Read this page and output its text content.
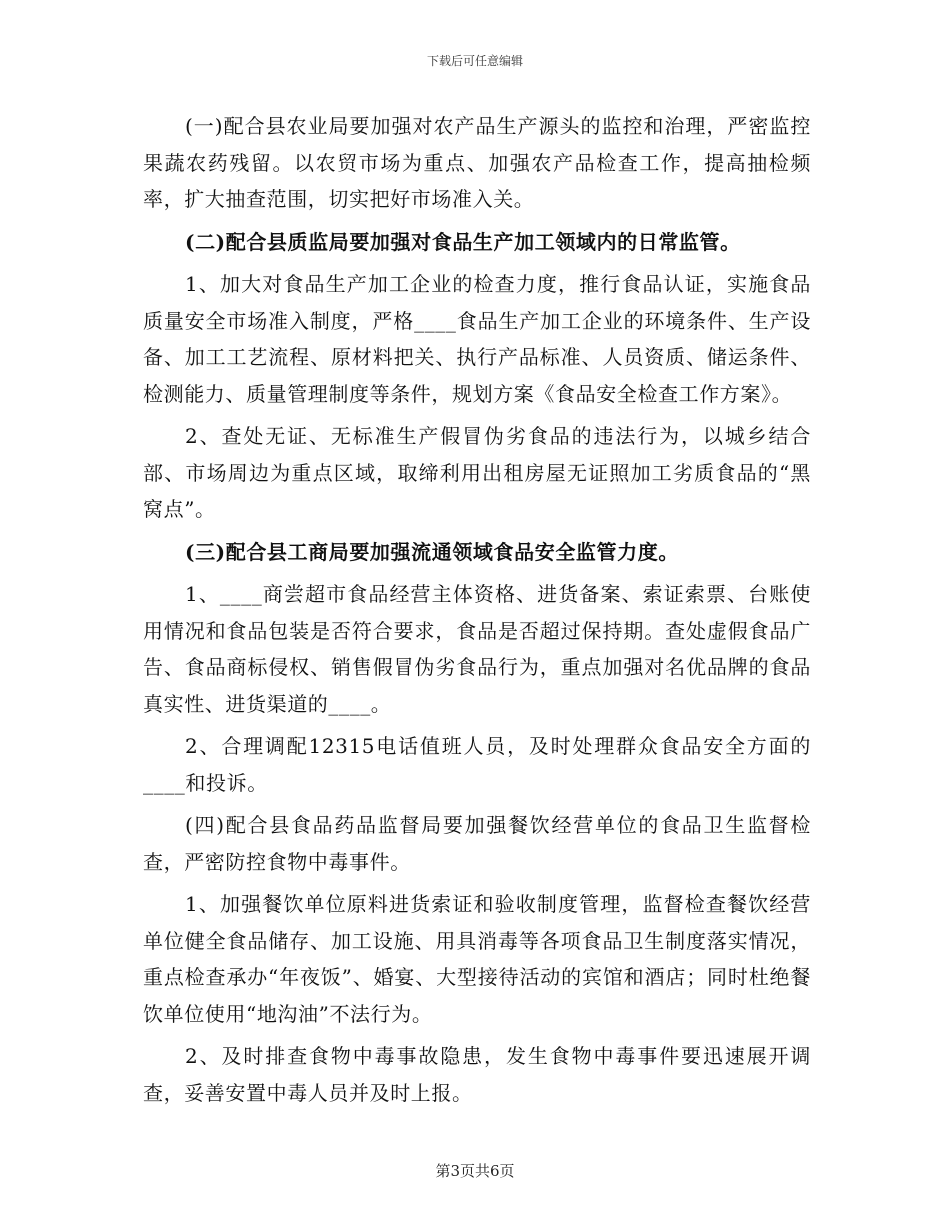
下载后可任意编辑

(一)配合县农业局要加强对农产品生产源头的监控和治理，严密监控果蔬农药残留。以农贸市场为重点、加强农产品检查工作，提高抽检频率，扩大抽查范围，切实把好市场准入关。

(二)配合县质监局要加强对食品生产加工领域内的日常监管。

1、加大对食品生产加工企业的检查力度，推行食品认证，实施食品质量安全市场准入制度，严格____食品生产加工企业的环境条件、生产设备、加工工艺流程、原材料把关、执行产品标准、人员资质、储运条件、检测能力、质量管理制度等条件，规划方案《食品安全检查工作方案》。

2、查处无证、无标准生产假冒伪劣食品的违法行为，以城乡结合部、市场周边为重点区域，取缔利用出租房屋无证照加工劣质食品的“黑窝点”。

(三)配合县工商局要加强流通领域食品安全监管力度。

1、____商尝超市食品经营主体资格、进货备案、索证索票、台账使用情况和食品包装是否符合要求，食品是否超过保持期。查处虚假食品广告、食品商标侵权、销售假冒伪劣食品行为，重点加强对名优品牌的食品真实性、进货渠道的____。

2、合理调配12315电话值班人员，及时处理群众食品安全方面的____和投诉。

(四)配合县食品药品监督局要加强餐饮经营单位的食品卫生监督检查，严密防控食物中毒事件。

1、加强餐饮单位原料进货索证和验收制度管理，监督检查餐饮经营单位健全食品储存、加工设施、用具消毒等各项食品卫生制度落实情况，重点检查承办“年夜饭”、婚宴、大型接待活动的宾馆和酒店；同时杜绝餐饮单位使用“地沟油”不法行为。

2、及时排查食物中毒事故隐患，发生食物中毒事件要迅速展开调查，妥善安置中毒人员并及时上报。

第3页共6页
